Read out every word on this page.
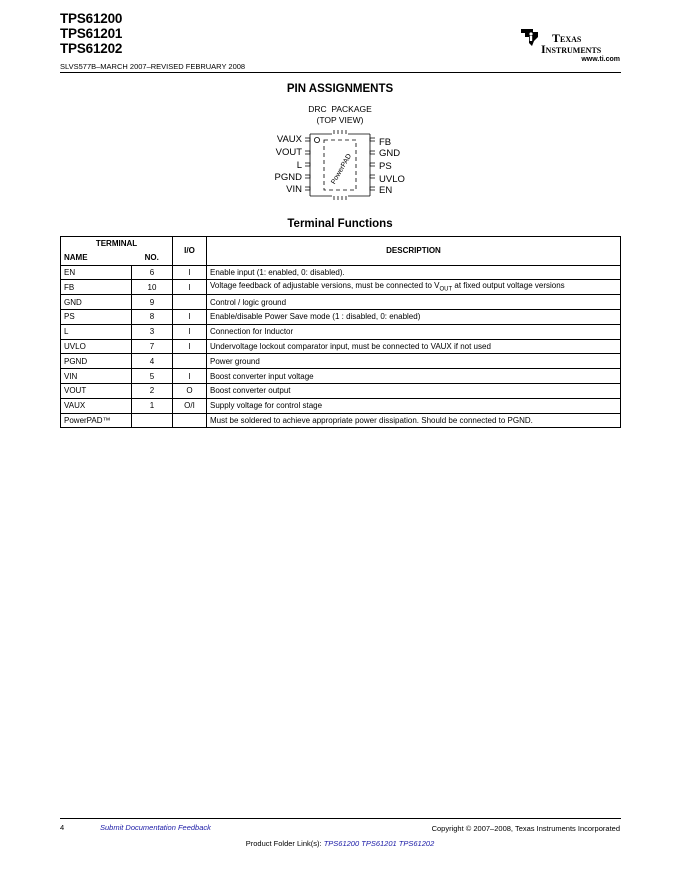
TPS61200
TPS61201
TPS61202
SLVS577B–MARCH 2007–REVISED FEBRUARY 2008
Texas
Instruments
www.ti.com
PIN ASSIGNMENTS
DRC  PACKAGE
(TOP VIEW)
VAUX
VOUT
L
PGND
VIN
FB
GND
PS
UVLO
EN
PowerPAD
Terminal Functions
TERMINAL		I/O	DESCRIPTION
NAME	NO.		
EN	6	I	Enable input (1: enabled, 0: disabled).
FB	10	I	Voltage feedback of adjustable versions, must be connected to $V_{OUT}$ at fixed output voltage versions
GND	9		Control / logic ground
PS	8	I	Enable/disable Power Save mode (1 : disabled, 0: enabled)
L	3	I	Connection for Inductor
UVLO	7	I	Undervoltage lockout comparator input, must be connected to VAUX if not used
PGND	4		Power ground
VIN	5	I	Boost converter input voltage
VOUT	2	O	Boost converter output
VAUX	1	O/I	Supply voltage for control stage
PowerPAD™			Must be soldered to achieve appropriate power dissipation. Should be connected to PGND.
4	Submit Documentation Feedback	Copyright © 2007–2008, Texas Instruments Incorporated
Product Folder Link(s): TPS61200 TPS61201 TPS61202
